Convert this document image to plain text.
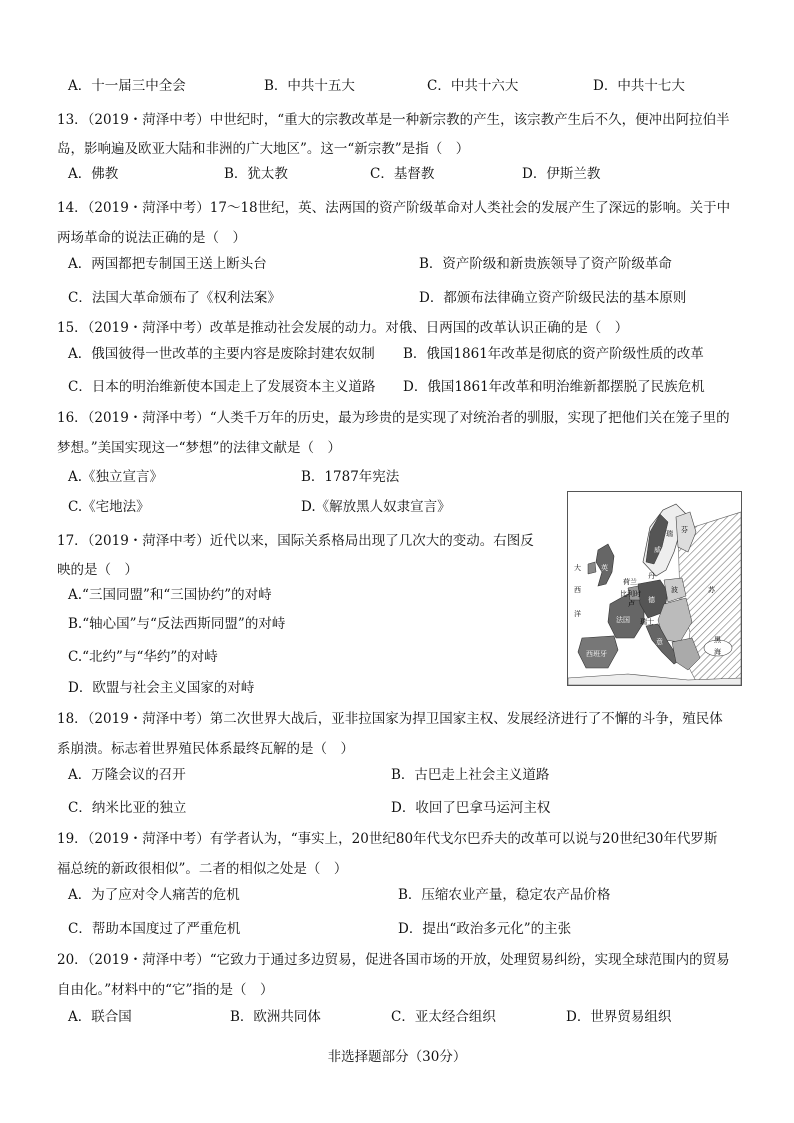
A．十一届三中全会	B．中共十五大	C．中共十六大	D．中共十七大
13．（2019・菏泽中考）中世纪时，“重大的宗教改革是一种新宗教的产生，该宗教产生后不久，便冲出阿拉伯半
岛，影响遍及欧亚大陆和非洲的广大地区”。这一“新宗教”是指（　）
A．佛教	B．犹太教	C．基督教	D．伊斯兰教
14．（2019・菏泽中考）17～18世纪，英、法两国的资产阶级革命对人类社会的发展产生了深远的影响。关于中
两场革命的说法正确的是（　）
A．两国都把专制国王送上断头台	B．资产阶级和新贵族领导了资产阶级革命
C．法国大革命颁布了《权利法案》	D．都颁布法律确立资产阶级民法的基本原则
15．（2019・菏泽中考）改革是推动社会发展的动力。对俄、日两国的改革认识正确的是（　）
A．俄国彼得一世改革的主要内容是废除封建农奴制 B．俄国1861年改革是彻底的资产阶级性质的改革
C．日本的明治维新使本国走上了发展资本主义道路 D．俄国1861年改革和明治维新都摆脱了民族危机
16．（2019・菏泽中考）“人类千万年的历史，最为珍贵的是实现了对统治者的驯服，实现了把他们关在笼子里的
梦想。”美国实现这一“梦想”的法律文献是（　）
A.《独立宣言》	B．1787年宪法
C.《宅地法》	D.《解放黑人奴隶宣言》
17．（2019・菏泽中考）近代以来，国际关系格局出现了几次大的变动。右图反
映的是（　）
A.“三国同盟”和“三国协约”的对峙
B.“轴心国”与“反法西斯同盟”的对峙
C.“北约”与“华约”的对峙
D．欧盟与社会主义国家的对峙
大
西
洋
英
法国
西班牙
德
意
荷兰
比利时
卢
丹
波	苏
黑
海
威
瑞 芬
瑞士
18．（2019・菏泽中考）第二次世界大战后，亚非拉国家为捍卫国家主权、发展经济进行了不懈的斗争，殖民体
系崩溃。标志着世界殖民体系最终瓦解的是（　）
A．万隆会议的召开	B．古巴走上社会主义道路
C．纳米比亚的独立	D．收回了巴拿马运河主权
19．（2019・菏泽中考）有学者认为，“事实上，20世纪80年代戈尔巴乔夫的改革可以说与20世纪30年代罗斯
福总统的新政很相似”。二者的相似之处是（　）
A．为了应对令人痛苦的危机	B．压缩农业产量，稳定农产品价格
C．帮助本国度过了严重危机	D．提出“政治多元化”的主张
20．（2019・菏泽中考）“它致力于通过多边贸易，促进各国市场的开放，处理贸易纠纷，实现全球范围内的贸易
自由化。”材料中的“它”指的是（　）
A．联合国	B．欧洲共同体	C．亚太经合组织	D．世界贸易组织
非选择题部分（30分）
